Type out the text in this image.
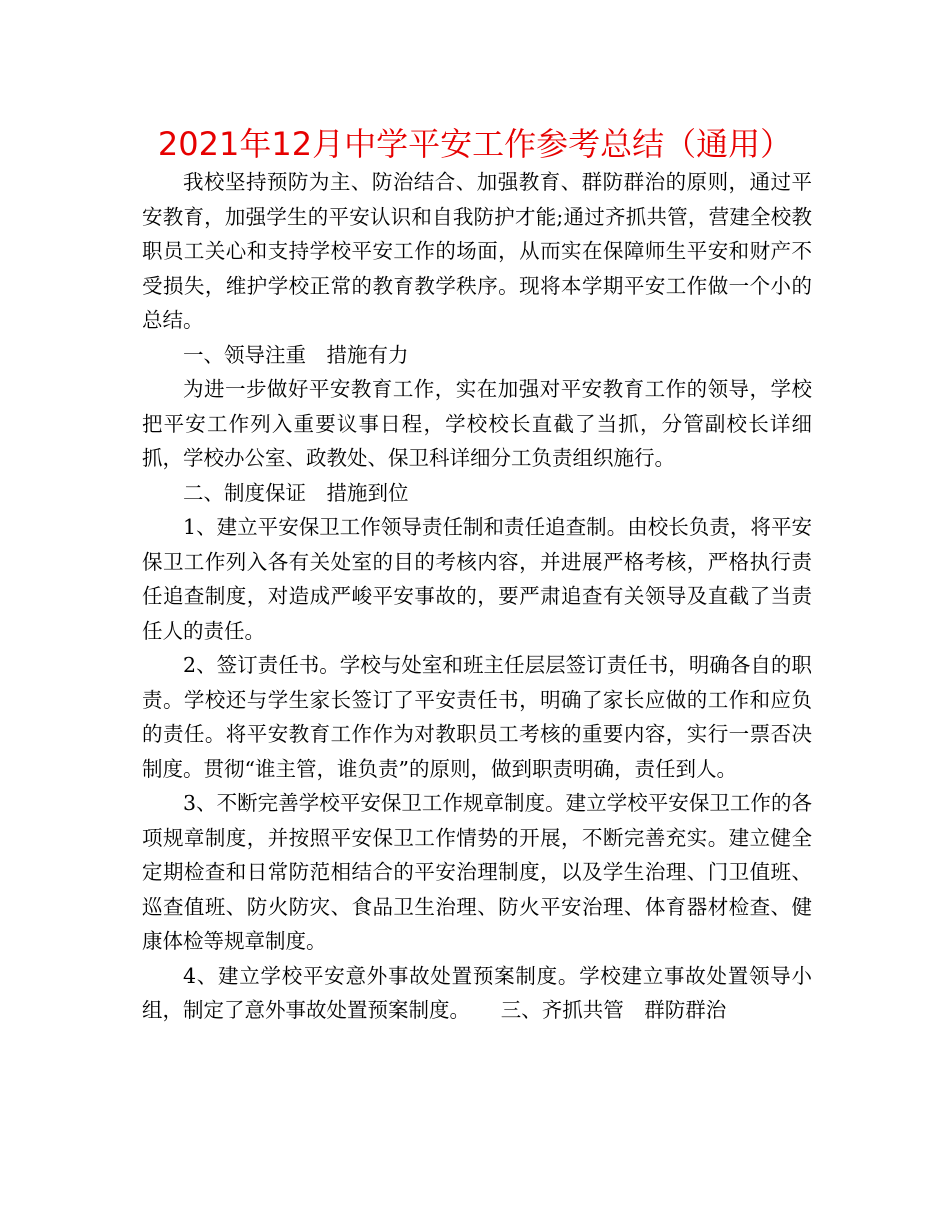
2021年12月中学平安工作参考总结（通用）

我校坚持预防为主、防治结合、加强教育、群防群治的原则，通过平安教育，加强学生的平安认识和自我防护才能;通过齐抓共管，营建全校教职员工关心和支持学校平安工作的场面，从而实在保障师生平安和财产不受损失，维护学校正常的教育教学秩序。现将本学期平安工作做一个小的总结。

一、领导注重　措施有力

为进一步做好平安教育工作，实在加强对平安教育工作的领导，学校把平安工作列入重要议事日程，学校校长直截了当抓，分管副校长详细抓，学校办公室、政教处、保卫科详细分工负责组织施行。

二、制度保证　措施到位

1、建立平安保卫工作领导责任制和责任追查制。由校长负责，将平安保卫工作列入各有关处室的目的考核内容，并进展严格考核，严格执行责任追查制度，对造成严峻平安事故的，要严肃追查有关领导及直截了当责任人的责任。

2、签订责任书。学校与处室和班主任层层签订责任书，明确各自的职责。学校还与学生家长签订了平安责任书，明确了家长应做的工作和应负的责任。将平安教育工作作为对教职员工考核的重要内容，实行一票否决制度。贯彻“谁主管，谁负责”的原则，做到职责明确，责任到人。

3、不断完善学校平安保卫工作规章制度。建立学校平安保卫工作的各项规章制度，并按照平安保卫工作情势的开展，不断完善充实。建立健全定期检查和日常防范相结合的平安治理制度，以及学生治理、门卫值班、巡查值班、防火防灾、食品卫生治理、防火平安治理、体育器材检查、健康体检等规章制度。

4、建立学校平安意外事故处置预案制度。学校建立事故处置领导小组，制定了意外事故处置预案制度。　　三、齐抓共管　群防群治
